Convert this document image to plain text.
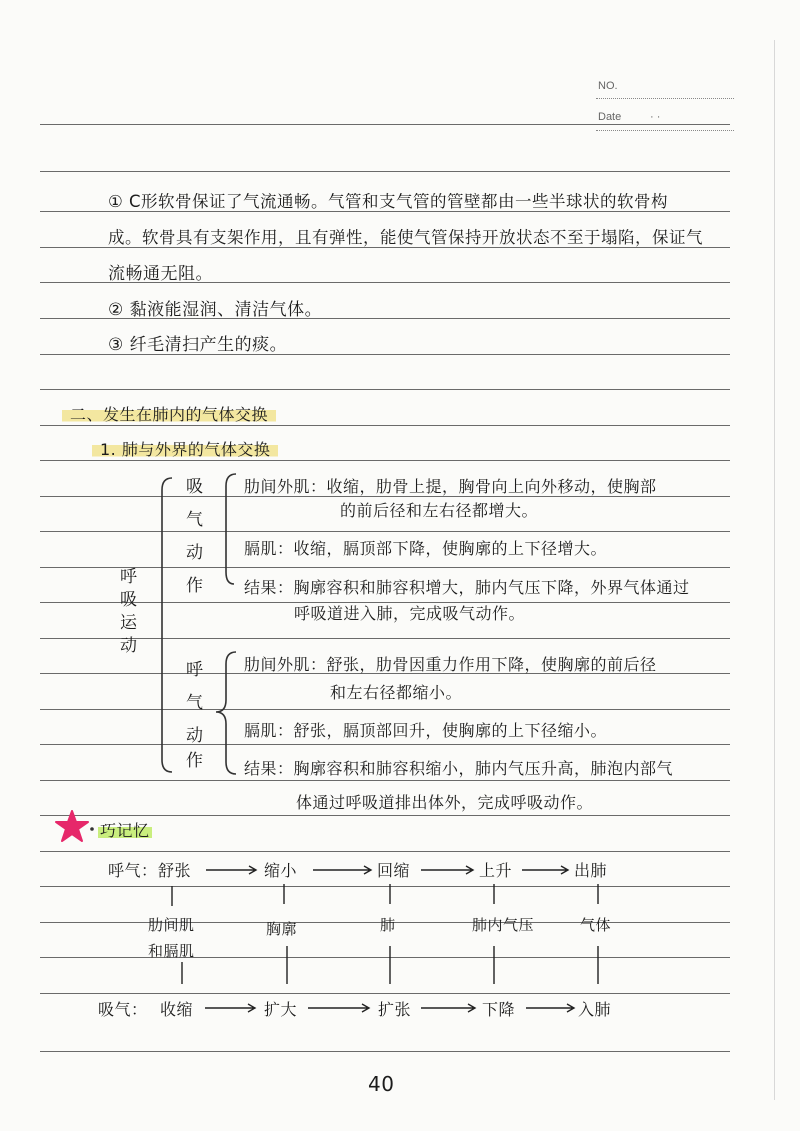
NO.
Date	· ·
① C形软骨保证了气流通畅。气管和支气管的管壁都由一些半球状的软骨构
成。软骨具有支架作用，且有弹性，能使气管保持开放状态不至于塌陷，保证气
流畅通无阻。
② 黏液能湿润、清洁气体。
③ 纤毛清扫产生的痰。
二、发生在肺内的气体交换
1. 肺与外界的气体交换
呼
吸
运
动
吸
气
动
作
呼
气
动
作
肋间外肌：收缩，肋骨上提，胸骨向上向外移动，使胸部
的前后径和左右径都增大。
膈肌：收缩，膈顶部下降，使胸廓的上下径增大。
结果：胸廓容积和肺容积增大，肺内气压下降，外界气体通过
呼吸道进入肺，完成吸气动作。
肋间外肌：舒张，肋骨因重力作用下降，使胸廓的前后径
和左右径都缩小。
膈肌：舒张，膈顶部回升，使胸廓的上下径缩小。
结果：胸廓容积和肺容积缩小，肺内气压升高，肺泡内部气
体通过呼吸道排出体外，完成呼吸动作。
巧记忆
呼气： 舒张	缩小	回缩	上升	出肺
肋间肌
和膈肌
胸廓	肺	肺内气压	气体
吸气： 收缩	扩大	扩张	下降	入肺
40
